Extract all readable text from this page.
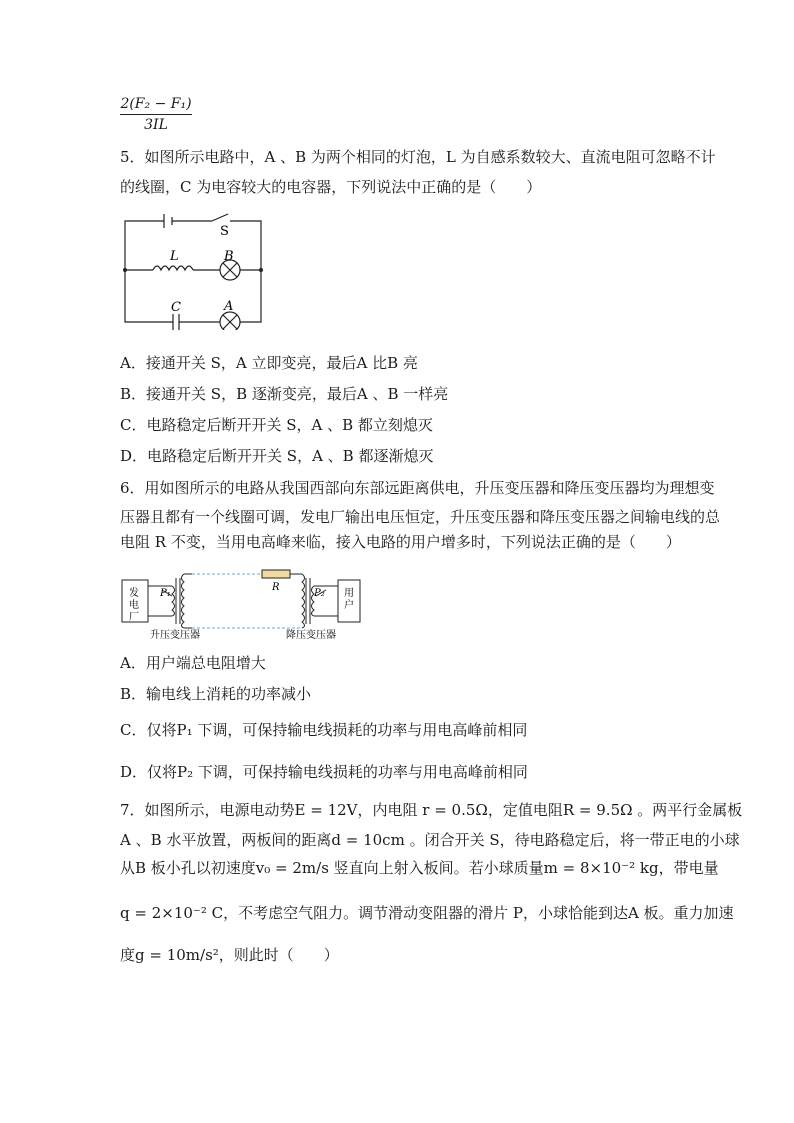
$\frac{\text{2(F₂ − F₁)}}{3IL}$
5．如图所示电路中，A 、B 为两个相同的灯泡，L 为自感系数较大、直流电阻可忽略不计
的线圈，C 为电容较大的电容器，下列说法中正确的是（　　）
S
L	B
C	A
A．接通开关 S，A 立即变亮，最后A 比B 亮
B．接通开关 S，B 逐渐变亮，最后A 、B 一样亮
C．电路稳定后断开开关 S，A 、B 都立刻熄灭
D．电路稳定后断开开关 S，A 、B 都逐渐熄灭
6．用如图所示的电路从我国西部向东部远距离供电，升压变压器和降压变压器均为理想变
压器且都有一个线圈可调，发电厂输出电压恒定，升压变压器和降压变压器之间输电线的总
电阻 R 不变，当用电高峰来临，接入电路的用户增多时，下列说法正确的是（　　）
发电厂
用户
P₁
R
P₂
升压变压器	降压变压器
A．用户端总电阻增大
B．输电线上消耗的功率减小
C．仅将P₁ 下调，可保持输电线损耗的功率与用电高峰前相同
D．仅将P₂ 下调，可保持输电线损耗的功率与用电高峰前相同
7．如图所示，电源电动势E = 12V，内电阻 r = 0.5Ω，定值电阻R = 9.5Ω 。两平行金属板
A 、B 水平放置，两板间的距离d = 10cm 。闭合开关 S，待电路稳定后，将一带正电的小球
从B 板小孔以初速度v₀ = 2m/s 竖直向上射入板间。若小球质量m = 8×10⁻² kg，带电量
q = 2×10⁻² C，不考虑空气阻力。调节滑动变阻器的滑片 P，小球恰能到达A 板。重力加速
度g = 10m/s²，则此时（　　）
